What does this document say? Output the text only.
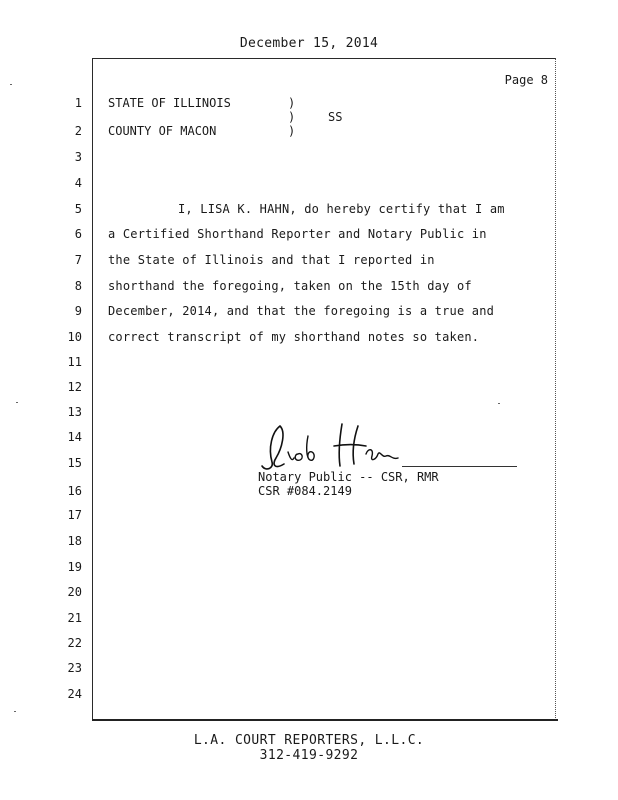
December 15, 2014
Page 8
1
2
3
4
5
6
7
8
9
10
11
12
13
14
15
16
17
18
19
20
21
22
23
24
STATE OF ILLINOIS	)
)	SS
COUNTY OF MACON	)
I, LISA K. HAHN, do hereby certify that I am
a Certified Shorthand Reporter and Notary Public in
the State of Illinois and that I reported in
shorthand the foregoing, taken on the 15th day of
December, 2014, and that the foregoing is a true and
correct transcript of my shorthand notes so taken.
Notary Public -- CSR, RMR
CSR #084.2149
L.A. COURT REPORTERS, L.L.C.
312-419-9292
